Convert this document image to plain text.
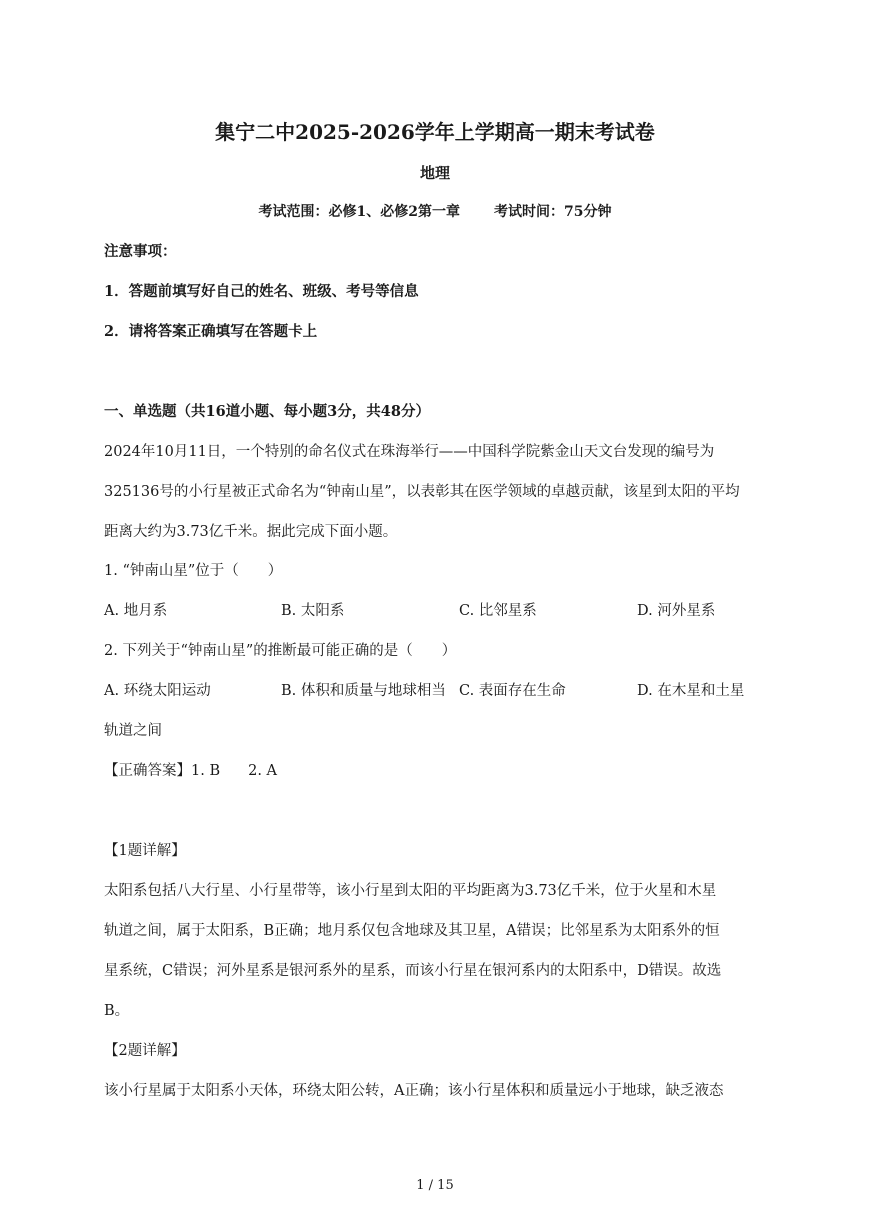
集宁二中2025-2026学年上学期高一期末考试卷
地理
考试范围：必修1、必修2第一章 考试时间：75分钟
注意事项：
1．答题前填写好自己的姓名、班级、考号等信息
2．请将答案正确填写在答题卡上
一、单选题（共16道小题、每小题3分，共48分）
2024年10月11日，一个特别的命名仪式在珠海举行——中国科学院紫金山天文台发现的编号为
325136号的小行星被正式命名为“钟南山星”，以表彰其在医学领域的卓越贡献，该星到太阳的平均
距离大约为3.73亿千米。据此完成下面小题。
1. “钟南山星”位于（　　）
A. 地月系	B. 太阳系	C. 比邻星系	D. 河外星系
2. 下列关于“钟南山星”的推断最可能正确的是（　　）
A. 环绕太阳运动	B. 体积和质量与地球相当 C. 表面存在生命	D. 在木星和土星
轨道之间
【正确答案】1. B 2. A
【1题详解】
太阳系包括八大行星、小行星带等，该小行星到太阳的平均距离为3.73亿千米，位于火星和木星
轨道之间，属于太阳系，B正确；地月系仅包含地球及其卫星，A错误；比邻星系为太阳系外的恒
星系统，C错误；河外星系是银河系外的星系，而该小行星在银河系内的太阳系中，D错误。故选
B。
【2题详解】
该小行星属于太阳系小天体，环绕太阳公转，A正确；该小行星体积和质量远小于地球，缺乏液态
1 / 15
